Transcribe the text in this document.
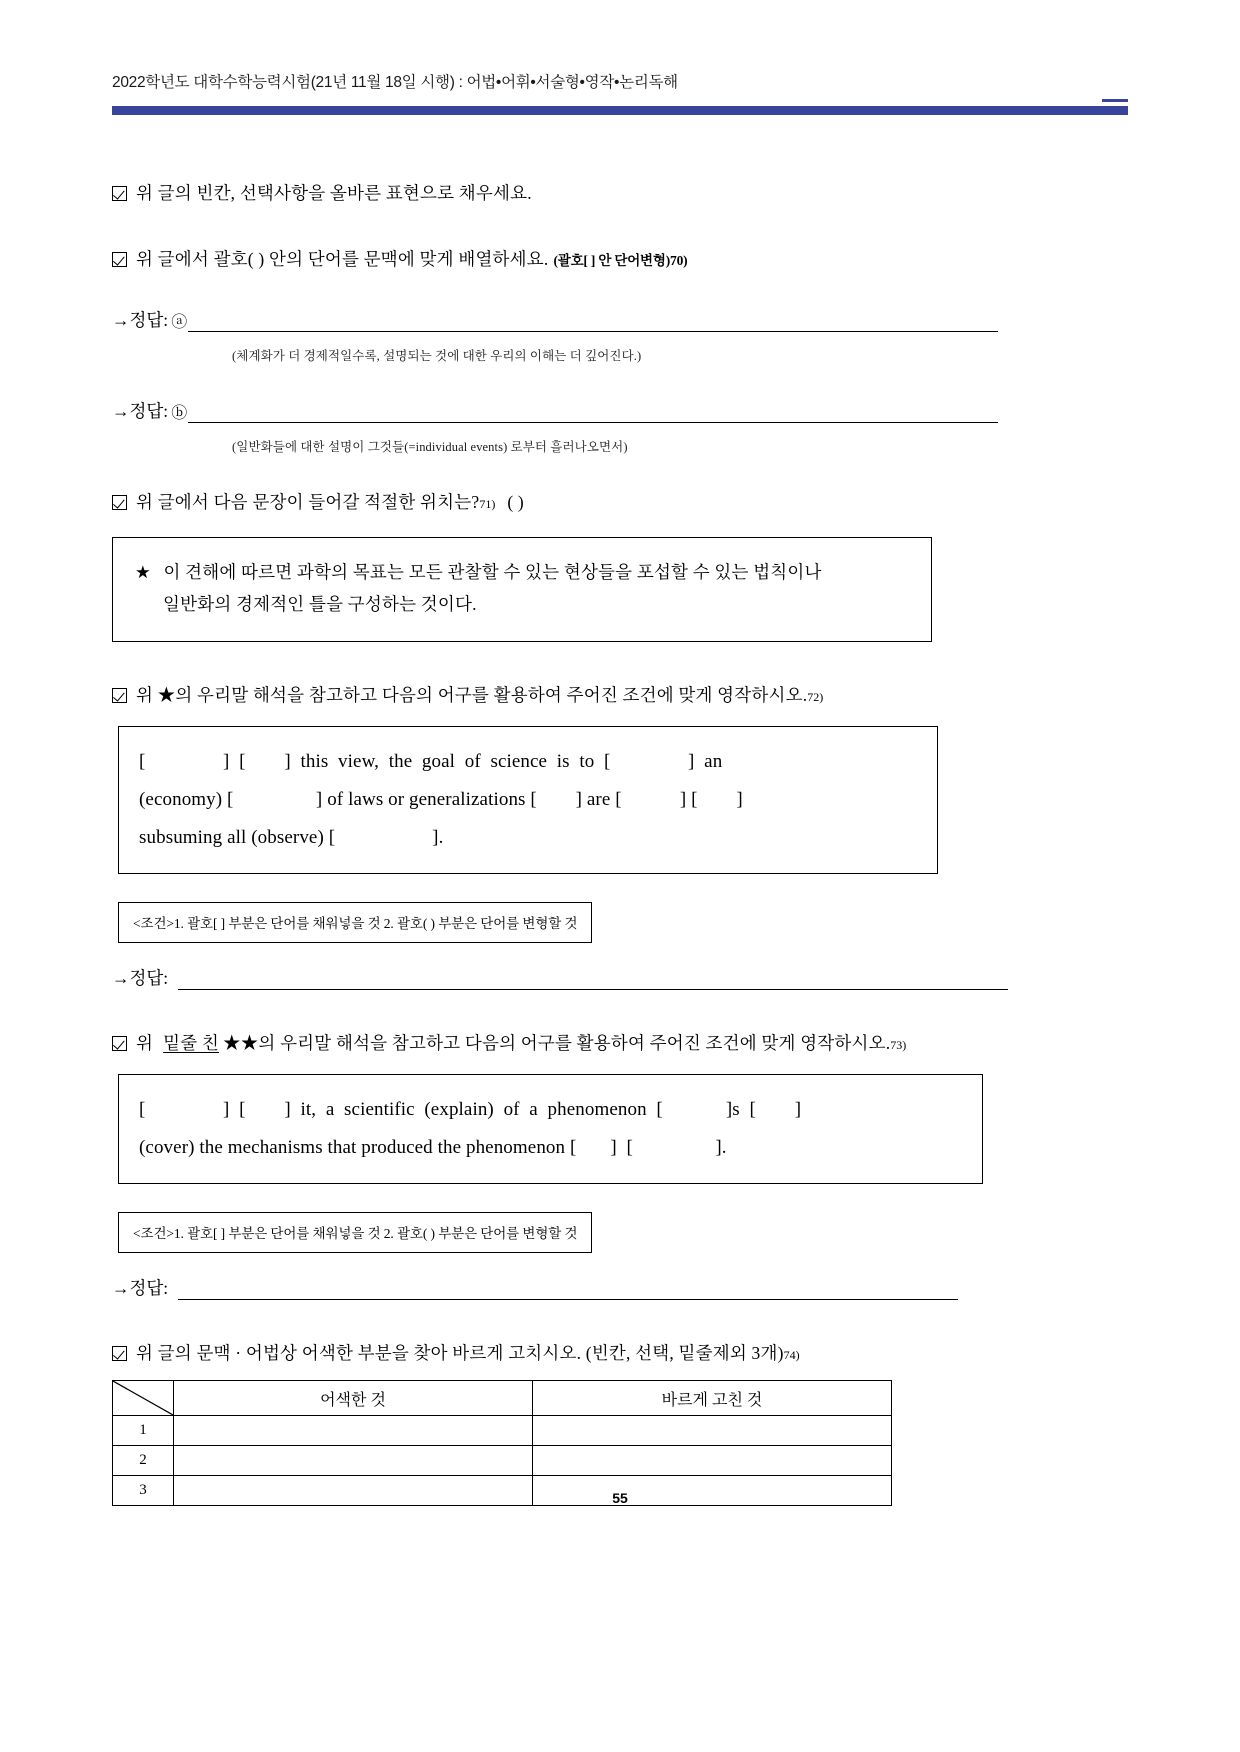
2022학년도 대학수학능력시험(21년 11월 18일 시행) : 어법•어휘•서술형•영작•논리독해
위 글의 빈칸, 선택사항을 올바른 표현으로 채우세요.
위 글에서 괄호( ) 안의 단어를 문맥에 맞게 배열하세요. (괄호[ ] 안 단어변형) 70)
→정답: ⓐ
(체계화가 더 경제적일수록, 설명되는 것에 대한 우리의 이해는 더 깊어진다.)
→정답: ⓑ
(일반화들에 대한 설명이 그것들(=individual events) 로부터 흘러나오면서)
위 글에서 다음 문장이 들어갈 적절한 위치는? 71) ( )
★ 이 견해에 따르면 과학의 목표는 모든 관찰할 수 있는 현상들을 포섭할 수 있는 법칙이나
일반화의 경제적인 틀을 구성하는 것이다.
위 ★의 우리말 해석을 참고하고 다음의 어구를 활용하여 주어진 조건에 맞게 영작하시오. 72)
[                ]  [        ]  this  view,  the  goal  of  science  is  to  [                ]  an
(economy) [                 ] of laws or generalizations [        ] are [            ] [        ]
subsuming all (observe) [                    ].
<조건>1. 괄호[ ] 부분은 단어를 채워넣을 것 2. 괄호( ) 부분은 단어를 변형할 것
→정답:
위 밑줄 친 ★★의 우리말 해석을 참고하고 다음의 어구를 활용하여 주어진 조건에 맞게 영작하시오. 73)
[                ]  [        ]  it,  a  scientific  (explain)  of  a  phenomenon  [             ]s  [        ]
(cover) the mechanisms that produced the phenomenon [       ]  [                 ].
<조건>1. 괄호[ ] 부분은 단어를 채워넣을 것 2. 괄호( ) 부분은 단어를 변형할 것
→정답:
위 글의 문맥 · 어법상 어색한 부분을 찾아 바르게 고치시오. (빈칸, 선택, 밑줄제외 3개) 74)
	어색한 것	바르게 고친 것
1		
2		
3			55
